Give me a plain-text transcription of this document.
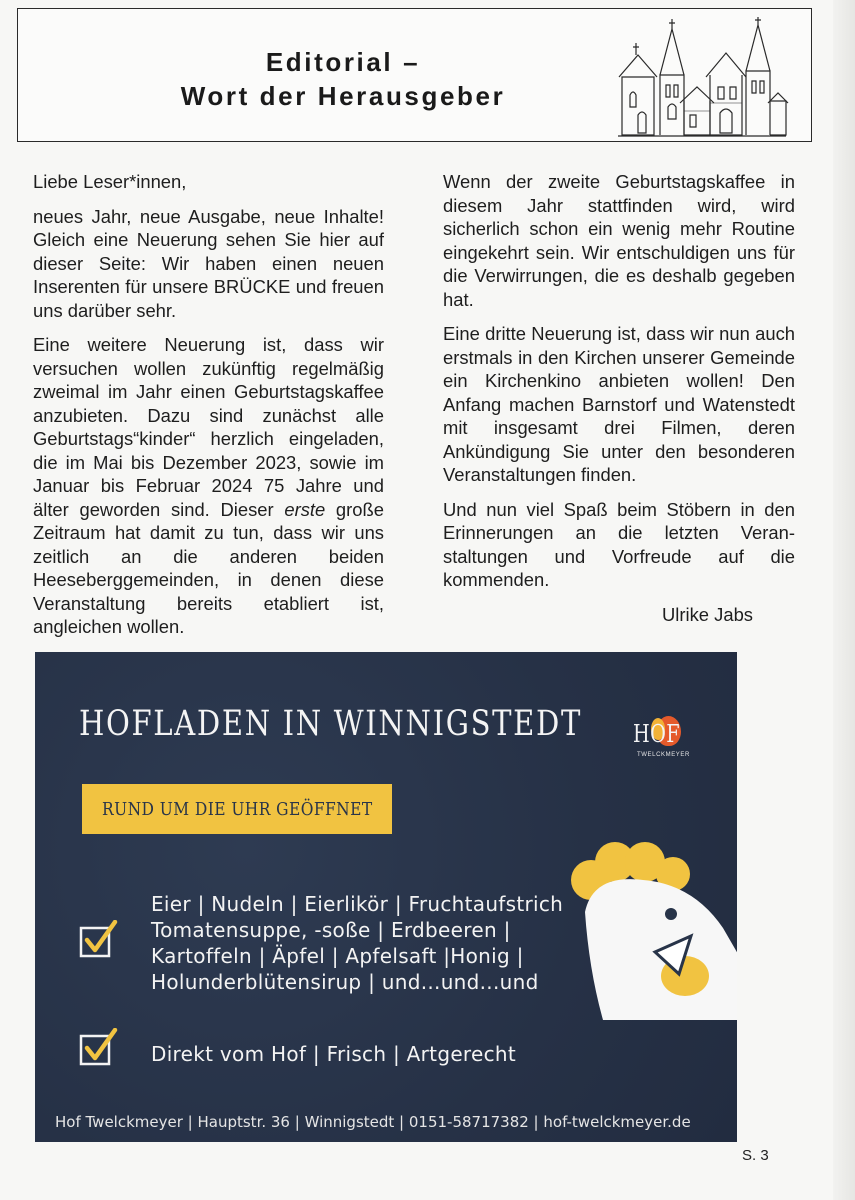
Editorial –
Wort der Herausgeber

Liebe Leser*innen,

neues Jahr, neue Ausgabe, neue Inhalte! Gleich eine Neuerung sehen Sie hier auf dieser Seite: Wir haben einen neuen Inserenten für unsere BRÜCKE und freuen uns darüber sehr.

Eine weitere Neuerung ist, dass wir versuchen wollen zukünftig regelmäßig zweimal im Jahr einen Geburtstagskaffee anzubieten. Dazu sind zunächst alle Geburtstags“kinder“ herzlich eingeladen, die im Mai bis Dezember 2023, sowie im Januar bis Februar 2024 75 Jahre und älter geworden sind. Dieser erste große Zeitraum hat damit zu tun, dass wir uns zeitlich an die anderen beiden Heeseberggemeinden, in denen diese Veranstaltung bereits etabliert ist, angleichen wollen.

Wenn der zweite Geburtstagskaffee in diesem Jahr stattfinden wird, wird sicherlich schon ein wenig mehr Routine eingekehrt sein. Wir entschuldigen uns für die Verwirrungen, die es deshalb gegeben hat.

Eine dritte Neuerung ist, dass wir nun auch erstmals in den Kirchen unserer Gemeinde ein Kirchenkino anbieten wollen! Den Anfang machen Barnstorf und Watenstedt mit insgesamt drei Filmen, deren Ankündigung Sie unter den besonderen Veranstaltungen finden.

Und nun viel Spaß beim Stöbern in den Erinnerungen an die letzten Veranstaltungen und Vorfreude auf die kommenden.

Ulrike Jabs

HOFLADEN IN WINNIGSTEDT HOF
TWELCKMEYER
RUND UM DIE UHR GEÖFFNET
Eier | Nudeln | Eierlikör | Fruchtaufstrich
Tomatensuppe, -soße | Erdbeeren |
Kartoffeln | Äpfel | Apfelsaft |Honig |
Holunderblütensirup | und...und...und
Direkt vom Hof | Frisch | Artgerecht
Hof Twelckmeyer | Hauptstr. 36 | Winnigstedt | 0151-58717382 | hof-twelckmeyer.de
S. 3
